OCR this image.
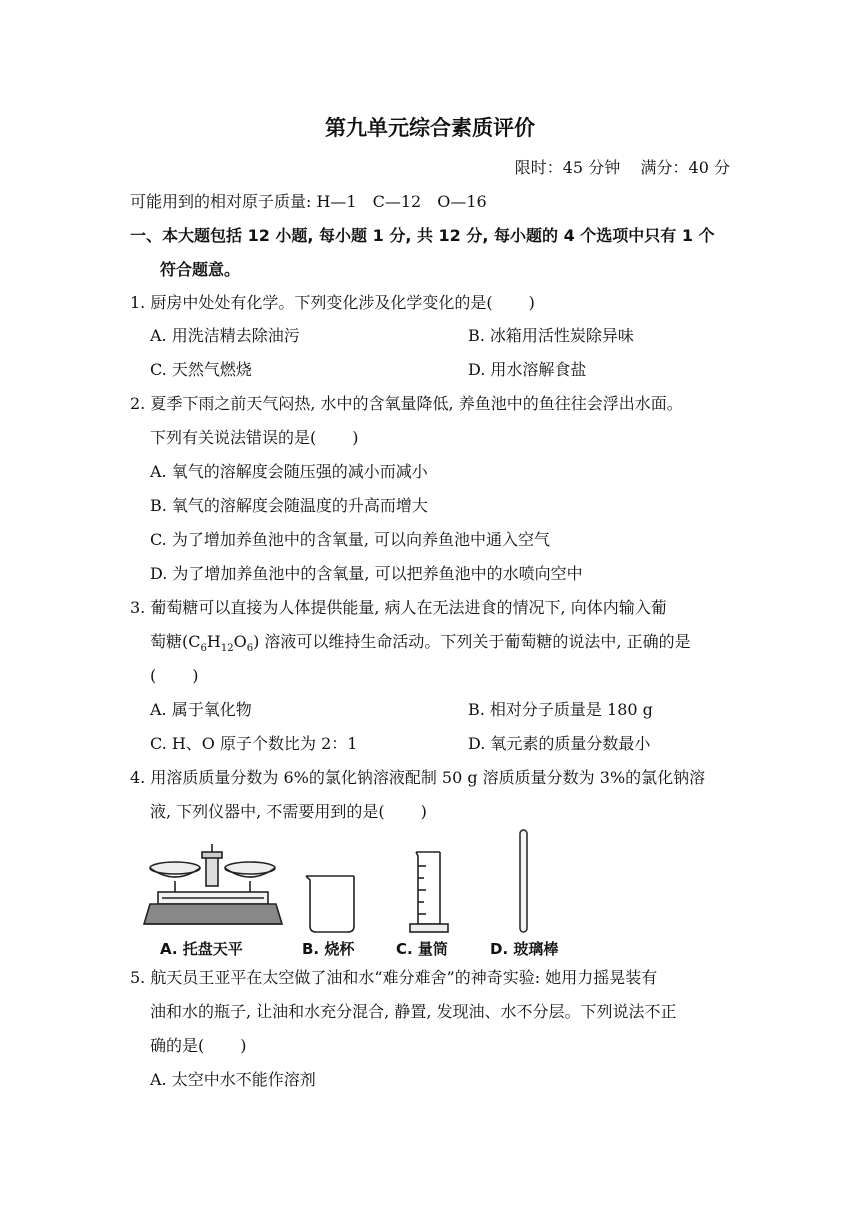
第九单元综合素质评价
限时：45 分钟 满分：40 分
可能用到的相对原子质量: H—1　C—12　O—16
一、本大题包括 12 小题, 每小题 1 分, 共 12 分, 每小题的 4 个选项中只有 1 个
符合题意。
1. 厨房中处处有化学。下列变化涉及化学变化的是( )
A. 用洗洁精去除油污	B. 冰箱用活性炭除异味
C. 天然气燃烧	D. 用水溶解食盐
2. 夏季下雨之前天气闷热, 水中的含氧量降低, 养鱼池中的鱼往往会浮出水面。
下列有关说法错误的是( )
A. 氧气的溶解度会随压强的减小而减小
B. 氧气的溶解度会随温度的升高而增大
C. 为了增加养鱼池中的含氧量, 可以向养鱼池中通入空气
D. 为了增加养鱼池中的含氧量, 可以把养鱼池中的水喷向空中
3. 葡萄糖可以直接为人体提供能量, 病人在无法进食的情况下, 向体内输入葡
萄糖$(C_6H_{12}O_6)$ 溶液可以维持生命活动。下列关于葡萄糖的说法中, 正确的是
( )
A. 属于氧化物	B. 相对分子质量是 180 g
C. H、O 原子个数比为 2：1	D. 氧元素的质量分数最小
4. 用溶质质量分数为 6%的氯化钠溶液配制 50 g 溶质质量分数为 3%的氯化钠溶
液, 下列仪器中, 不需要用到的是( )
A. 托盘天平	B. 烧杯	C. 量筒	D. 玻璃棒
5. 航天员王亚平在太空做了油和水“难分难舍”的神奇实验: 她用力摇晃装有
油和水的瓶子, 让油和水充分混合, 静置, 发现油、水不分层。下列说法不正
确的是( )
A. 太空中水不能作溶剂
